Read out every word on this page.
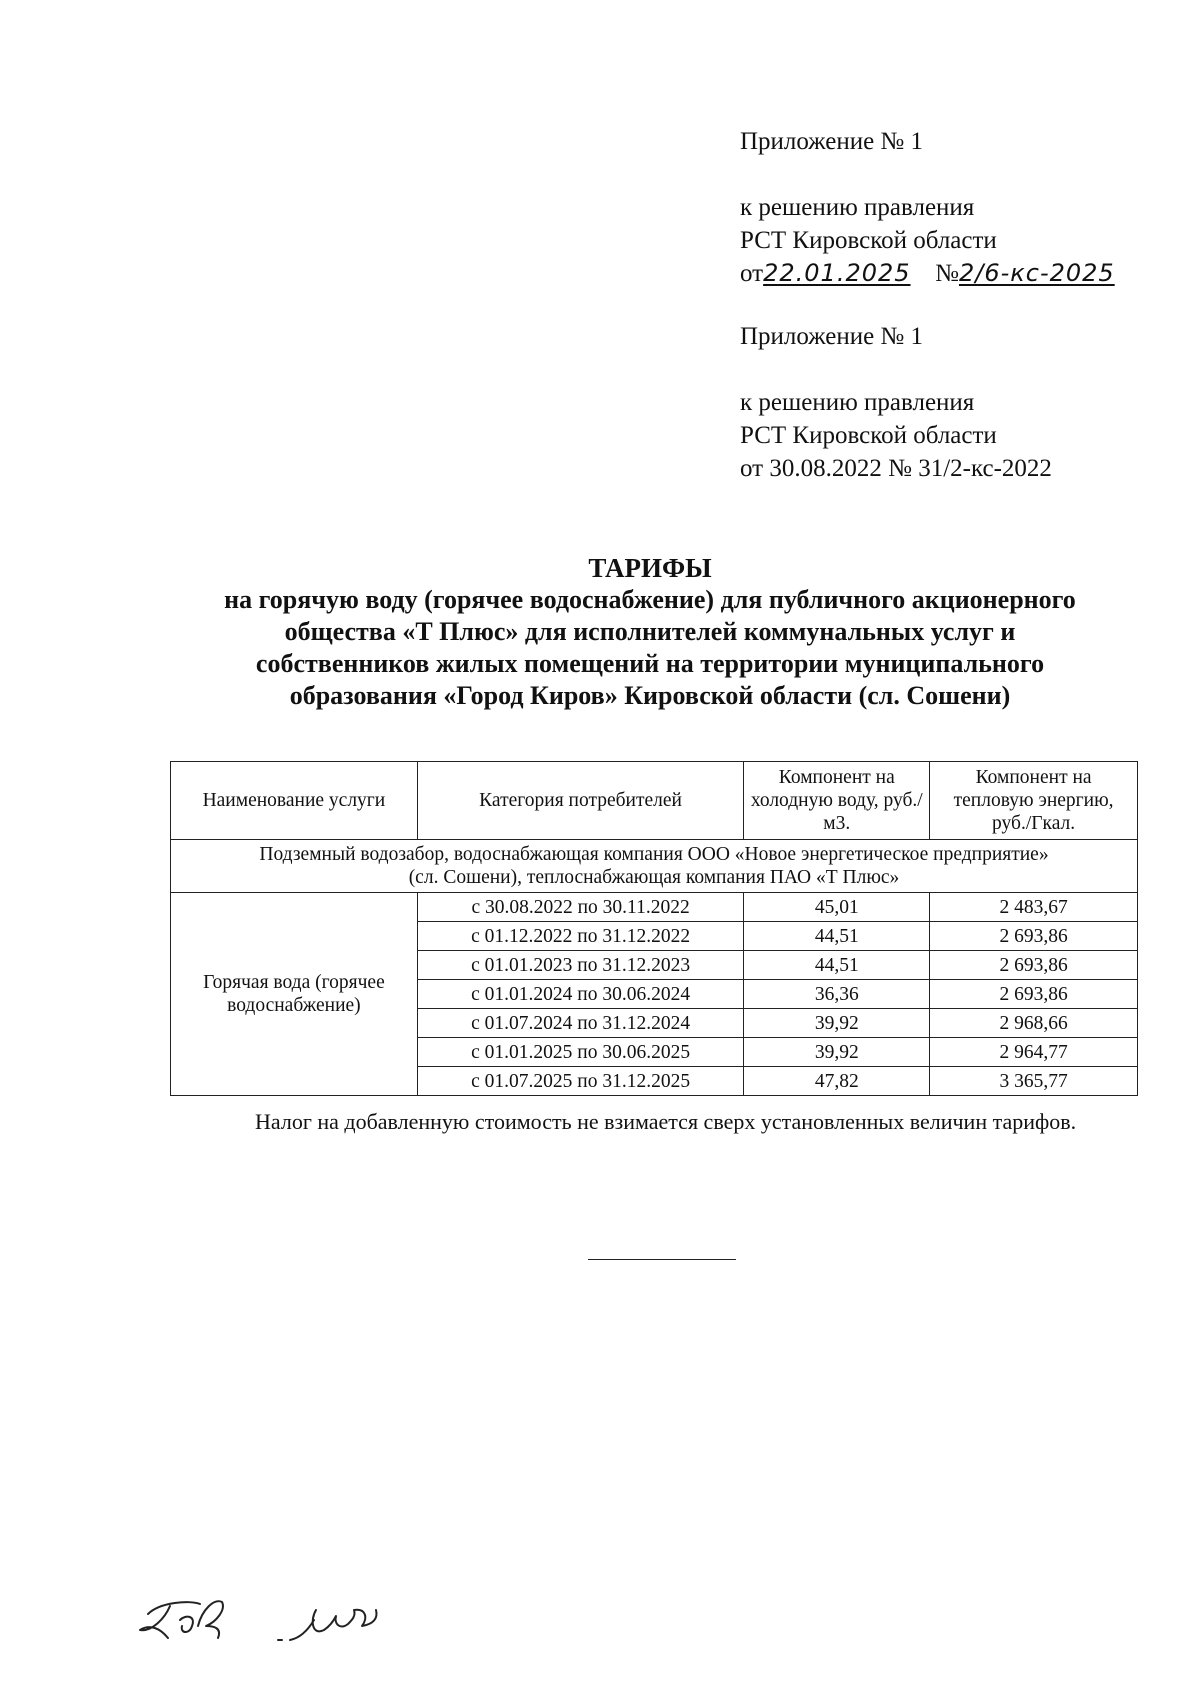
Приложение № 1
к решению правления
РСТ Кировской области
от22.01.2025 №2/6-кс-2025
Приложение № 1
к решению правления
РСТ Кировской области
от 30.08.2022 № 31/2-кс-2022
ТАРИФЫ
на горячую воду (горячее водоснабжение) для публичного акционерного
общества «Т Плюс» для исполнителей коммунальных услуг и
собственников жилых помещений на территории муниципального
образования «Город Киров» Кировской области (сл. Сошени)
Наименование услуги	Категория потребителей	Компонент на холодную воду, руб./м3.	Компонент на тепловую энергию, руб./Гкал.

Подземный водозабор, водоснабжающая компания ООО «Новое энергетическое предприятие»
(сл. Сошени), теплоснабжающая компания ПАО «Т Плюс»			

Горячая вода (горячее водоснабжение)	с 30.08.2022 по 30.11.2022	45,01	2 483,67
	с 01.12.2022 по 31.12.2022	44,51	2 693,86
	с 01.01.2023 по 31.12.2023	44,51	2 693,86
	с 01.01.2024 по 30.06.2024	36,36	2 693,86
	с 01.07.2024 по 31.12.2024	39,92	2 968,66
	с 01.01.2025 по 30.06.2025	39,92	2 964,77
	с 01.07.2025 по 31.12.2025	47,82	3 365,77
Налог на добавленную стоимость не взимается сверх установленных величин тарифов.
